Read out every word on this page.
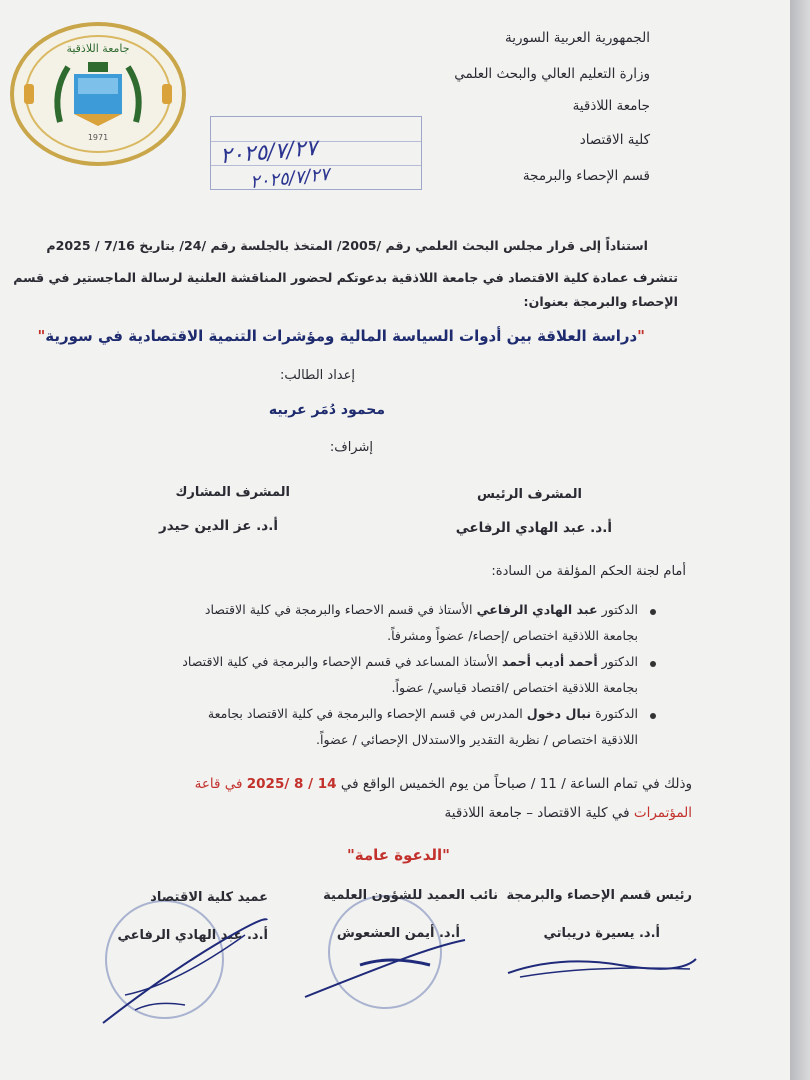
جامعة اللاذقية
1971
الجمهورية العربية السورية
وزارة التعليم العالي والبحث العلمي
جامعة اللاذقية
كلية الاقتصاد
قسم الإحصاء والبرمجة
٢٠٢٥/٧/٢٧
٢٠٢٥/٧/٢٧
استناداً إلى قرار مجلس البحث العلمي رقم /2005/ المتخذ بالجلسة رقم /24/ بتاريخ 7/16 / 2025م
تتشرف عمادة كلية الاقتصاد في جامعة اللاذقية بدعوتكم لحضور المناقشة العلنية لرسالة الماجستير في قسم
الإحصاء والبرمجة بعنوان:
"دراسة العلاقة بين أدوات السياسة المالية ومؤشرات التنمية الاقتصادية في سورية"
إعداد الطالب:
محمود دُمَر عربيه
إشراف:
المشرف الرئيس
المشرف المشارك
أ.د. عبد الهادي الرفاعي
أ.د. عز الدين حيدر
أمام لجنة الحكم المؤلفة من السادة:
الدكتور عبد الهادي الرفاعي الأستاذ في قسم الاحصاء والبرمجة في كلية الاقتصاد
بجامعة اللاذقية اختصاص /إحصاء/ عضواً ومشرفاً.
الدكتور أحمد أديب أحمد الأستاذ المساعد في قسم الإحصاء والبرمجة في كلية الاقتصاد
بجامعة اللاذقية اختصاص /اقتصاد قياسي/ عضواً.
الدكتورة نبال دخول المدرس في قسم الإحصاء والبرمجة في كلية الاقتصاد بجامعة
اللاذقية اختصاص / نظرية التقدير والاستدلال الإحصائي / عضواً.
وذلك في تمام الساعة / 11 / صباحاً من يوم الخميس الواقع في 14 / 8 /2025 في قاعة
المؤتمرات في كلية الاقتصاد – جامعة اللاذقية
"الدعوة عامة"
رئيس قسم الإحصاء والبرمجة
أ.د. يسيرة دريباتي
نائب العميد للشؤون العلمية
أ.د. أيمن العشعوش
عميد كلية الاقتصاد
أ.د. عبد الهادي الرفاعي
